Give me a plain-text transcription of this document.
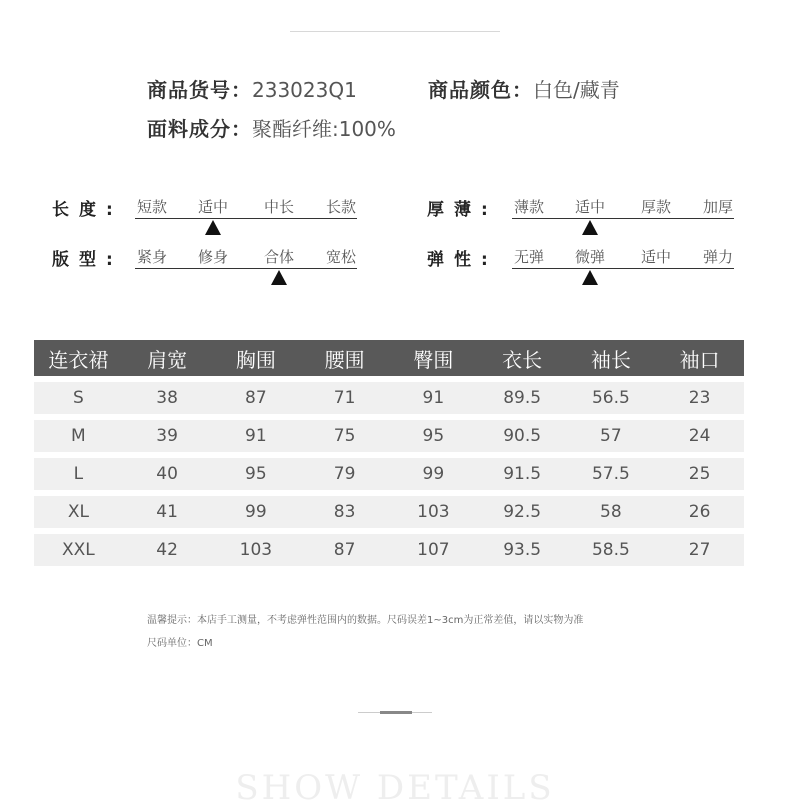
商品货号：233023Q1	商品颜色：白色/藏青
面料成分：聚酯纤维:100%
长度: 短款 适中 中长 长款	厚薄: 薄款 适中 厚款 加厚
版型: 紧身 修身 合体 宽松	弹性: 无弹 微弹 适中 弹力
连衣裙	肩宽	胸围	腰围	臀围	衣长	袖长	袖口
S	38	87	71	91	89.5	56.5	23
M	39	91	75	95	90.5	57	24
L	40	95	79	99	91.5	57.5	25
XL	41	99	83	103	92.5	58	26
XXL	42	103	87	107	93.5	58.5	27
温馨提示：本店手工测量，不考虑弹性范围内的数据。尺码误差1~3cm为正常差值，请以实物为准
尺码单位：CM
SHOW DETAILS
